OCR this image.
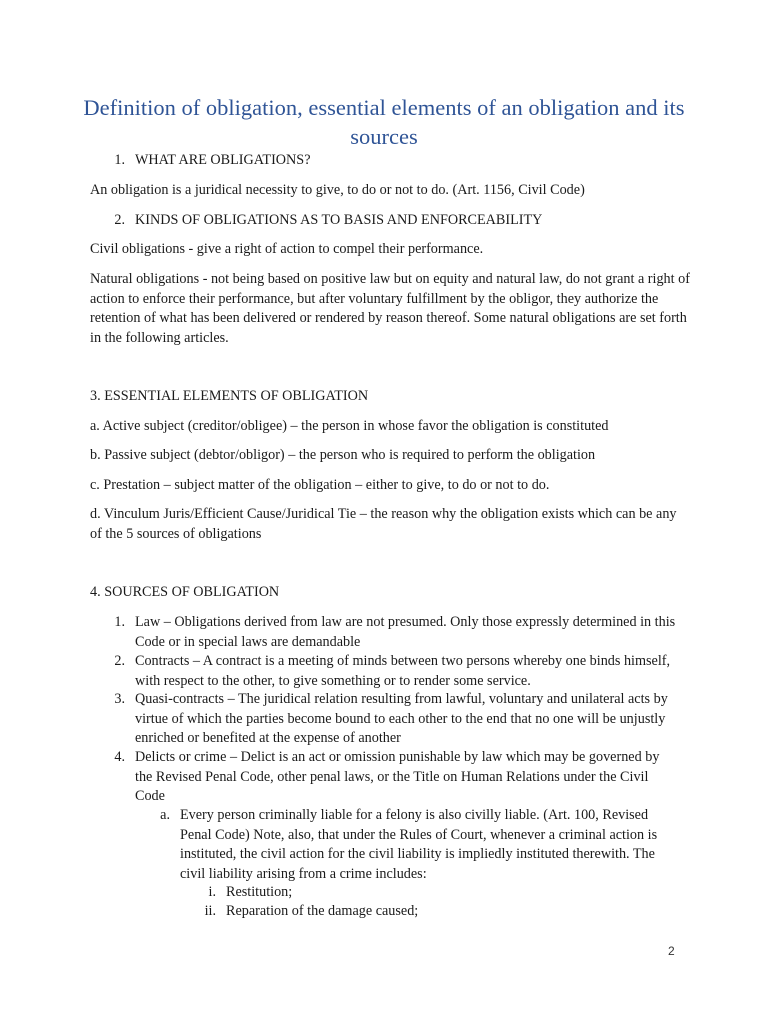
Definition of obligation, essential elements of an obligation and its sources
1. WHAT ARE OBLIGATIONS?

An obligation is a juridical necessity to give, to do or not to do. (Art. 1156, Civil Code)

2. KINDS OF OBLIGATIONS AS TO BASIS AND ENFORCEABILITY

Civil obligations - give a right of action to compel their performance.

Natural obligations - not being based on positive law but on equity and natural law, do not grant a right of action to enforce their performance, but after voluntary fulfillment by the obligor, they authorize the retention of what has been delivered or rendered by reason thereof. Some natural obligations are set forth in the following articles.

3. ESSENTIAL ELEMENTS OF OBLIGATION

a. Active subject (creditor/obligee) – the person in whose favor the obligation is constituted

b. Passive subject (debtor/obligor) – the person who is required to perform the obligation

c. Prestation – subject matter of the obligation – either to give, to do or not to do.

d. Vinculum Juris/Efficient Cause/Juridical Tie – the reason why the obligation exists which can be any of the 5 sources of obligations

4. SOURCES OF OBLIGATION

1. Law – Obligations derived from law are not presumed. Only those expressly determined in this Code or in special laws are demandable
2. Contracts – A contract is a meeting of minds between two persons whereby one binds himself, with respect to the other, to give something or to render some service.
3. Quasi-contracts – The juridical relation resulting from lawful, voluntary and unilateral acts by virtue of which the parties become bound to each other to the end that no one will be unjustly enriched or benefited at the expense of another
4. Delicts or crime – Delict is an act or omission punishable by law which may be governed by the Revised Penal Code, other penal laws, or the Title on Human Relations under the Civil Code
a. Every person criminally liable for a felony is also civilly liable. (Art. 100, Revised Penal Code) Note, also, that under the Rules of Court, whenever a criminal action is instituted, the civil action for the civil liability is impliedly instituted therewith. The civil liability arising from a crime includes:
i. Restitution;
ii. Reparation of the damage caused;
2
